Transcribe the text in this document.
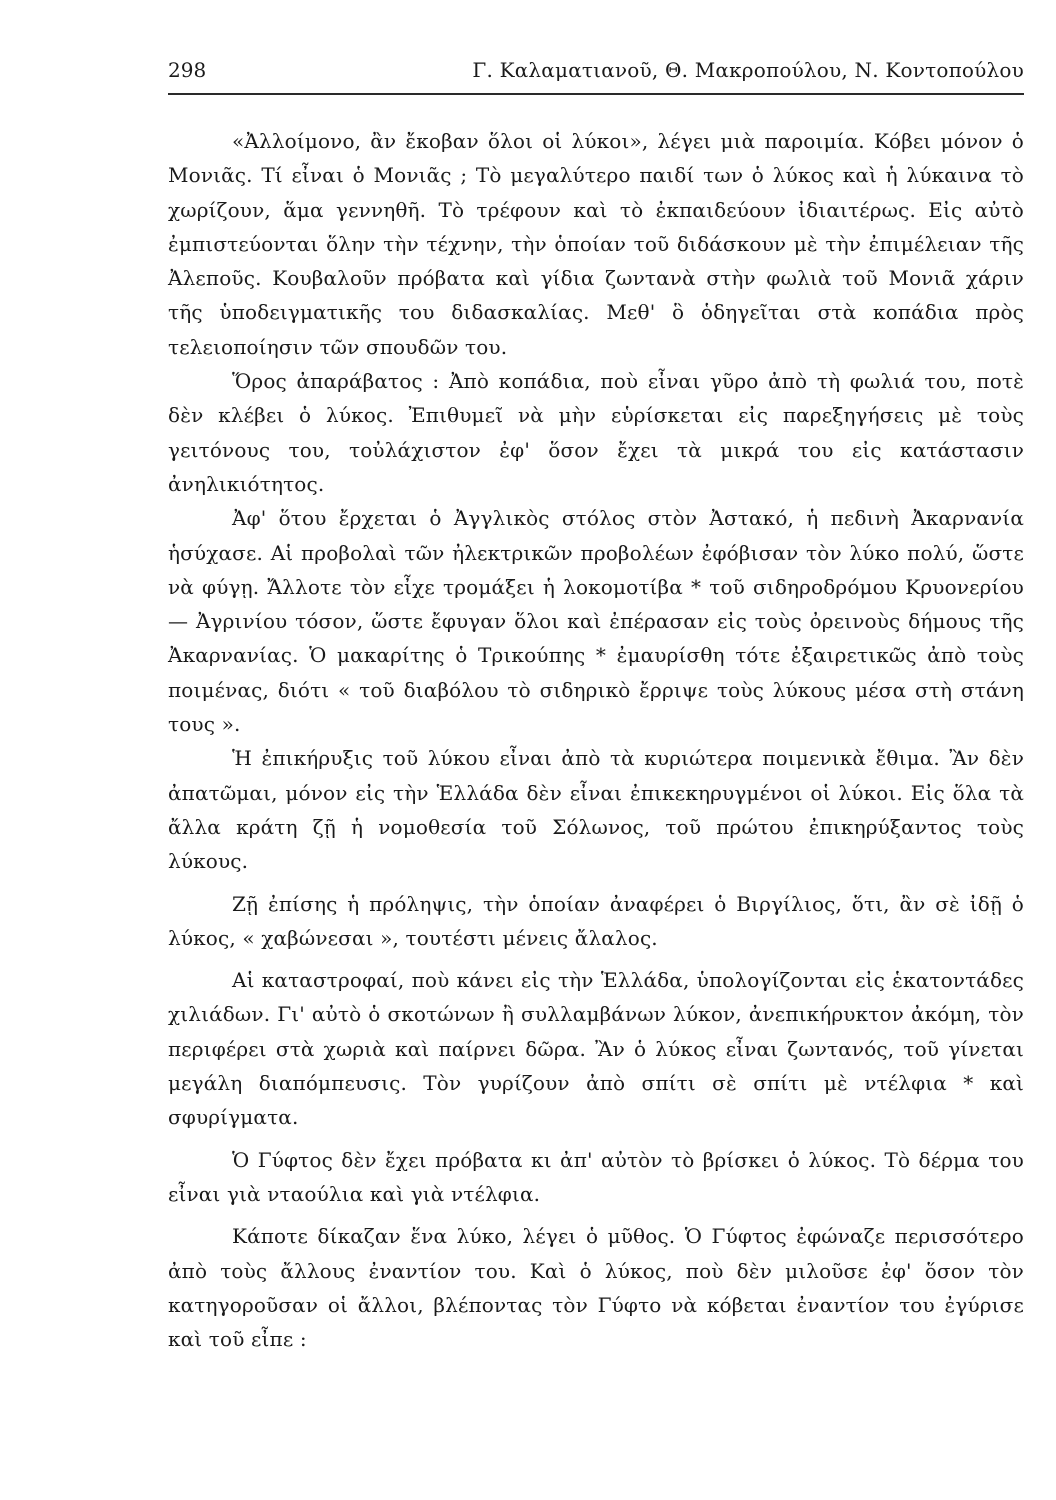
298	Γ. Καλαματιανοῦ, Θ. Μακροπούλου, Ν. Κοντοπούλου

«Ἀλλοίμονο, ἂν ἔκοβαν ὅλοι οἱ λύκοι», λέγει μιὰ παροιμία. Κόβει μόνον ὁ Μονιᾶς. Τί εἶναι ὁ Μονιᾶς ; Τὸ μεγαλύτερο παιδί των ὁ λύκος καὶ ἡ λύκαινα τὸ χωρίζουν, ἅμα γεννηθῆ. Τὸ τρέφουν καὶ τὸ ἐκπαιδεύουν ἰδιαιτέρως. Εἰς αὐτὸ ἐμπιστεύονται ὅλην τὴν τέχνην, τὴν ὁποίαν τοῦ διδάσκουν μὲ τὴν ἐπιμέλειαν τῆς Ἀλεποῦς. Κουβαλοῦν πρόβατα καὶ γίδια ζωντανὰ στὴν φωλιὰ τοῦ Μονιᾶ χάριν τῆς ὑποδειγματικῆς του διδασκαλίας. Μεθ' ὃ ὁδηγεῖται στὰ κοπάδια πρὸς τελειοποίησιν τῶν σπουδῶν του.

Ὅρος ἀπαράβατος : Ἀπὸ κοπάδια, ποὺ εἶναι γῦρο ἀπὸ τὴ φωλιά του, ποτὲ δὲν κλέβει ὁ λύκος. Ἐπιθυμεῖ νὰ μὴν εὑρίσκεται εἰς παρεξηγήσεις μὲ τοὺς γειτόνους του, τοὐλάχιστον ἐφ' ὅσον ἔχει τὰ μικρά του εἰς κατάστασιν ἀνηλικιότητος.

Ἀφ' ὅτου ἔρχεται ὁ Ἀγγλικὸς στόλος στὸν Ἀστακό, ἡ πεδινὴ Ἀκαρνανία ἡσύχασε. Αἱ προβολαὶ τῶν ἠλεκτρικῶν προβολέων ἐφόβισαν τὸν λύκο πολύ, ὥστε νὰ φύγῃ. Ἄλλοτε τὸν εἶχε τρομάξει ἡ λοκομοτίβα * τοῦ σιδηροδρόμου Κρυονερίου — Ἀγρινίου τόσον, ὥστε ἔφυγαν ὅλοι καὶ ἐπέρασαν εἰς τοὺς ὀρεινοὺς δήμους τῆς Ἀκαρνανίας. Ὁ μακαρίτης ὁ Τρικούπης * ἐμαυρίσθη τότε ἐξαιρετικῶς ἀπὸ τοὺς ποιμένας, διότι « τοῦ διαβόλου τὸ σιδηρικὸ ἔρριψε τοὺς λύκους μέσα στὴ στάνη τους ».

Ἡ ἐπικήρυξις τοῦ λύκου εἶναι ἀπὸ τὰ κυριώτερα ποιμενικὰ ἔθιμα. Ἂν δὲν ἀπατῶμαι, μόνον εἰς τὴν Ἑλλάδα δὲν εἶναι ἐπικεκηρυγμένοι οἱ λύκοι. Εἰς ὅλα τὰ ἄλλα κράτη ζῇ ἡ νομοθεσία τοῦ Σόλωνος, τοῦ πρώτου ἐπικηρύξαντος τοὺς λύκους.

Ζῇ ἐπίσης ἡ πρόληψις, τὴν ὁποίαν ἀναφέρει ὁ Βιργίλιος, ὅτι, ἂν σὲ ἰδῇ ὁ λύκος, « χαβώνεσαι », τουτέστι μένεις ἄλαλος.

Αἱ καταστροφαί, ποὺ κάνει εἰς τὴν Ἑλλάδα, ὑπολογίζονται εἰς ἑκατοντάδες χιλιάδων. Γι' αὐτὸ ὁ σκοτώνων ἢ συλλαμβάνων λύκον, ἀνεπικήρυκτον ἀκόμη, τὸν περιφέρει στὰ χωριὰ καὶ παίρνει δῶρα. Ἂν ὁ λύκος εἶναι ζωντανός, τοῦ γίνεται μεγάλη διαπόμπευσις. Τὸν γυρίζουν ἀπὸ σπίτι σὲ σπίτι μὲ ντέλφια * καὶ σφυρίγματα.

Ὁ Γύφτος δὲν ἔχει πρόβατα κι ἀπ' αὐτὸν τὸ βρίσκει ὁ λύκος. Τὸ δέρμα του εἶναι γιὰ νταούλια καὶ γιὰ ντέλφια.

Κάποτε δίκαζαν ἕνα λύκο, λέγει ὁ μῦθος. Ὁ Γύφτος ἐφώναζε περισσότερο ἀπὸ τοὺς ἄλλους ἐναντίον του. Καὶ ὁ λύκος, ποὺ δὲν μιλοῦσε ἐφ' ὅσον τὸν κατηγοροῦσαν οἱ ἄλλοι, βλέποντας τὸν Γύφτο νὰ κόβεται ἐναντίον του ἐγύρισε καὶ τοῦ εἶπε :
